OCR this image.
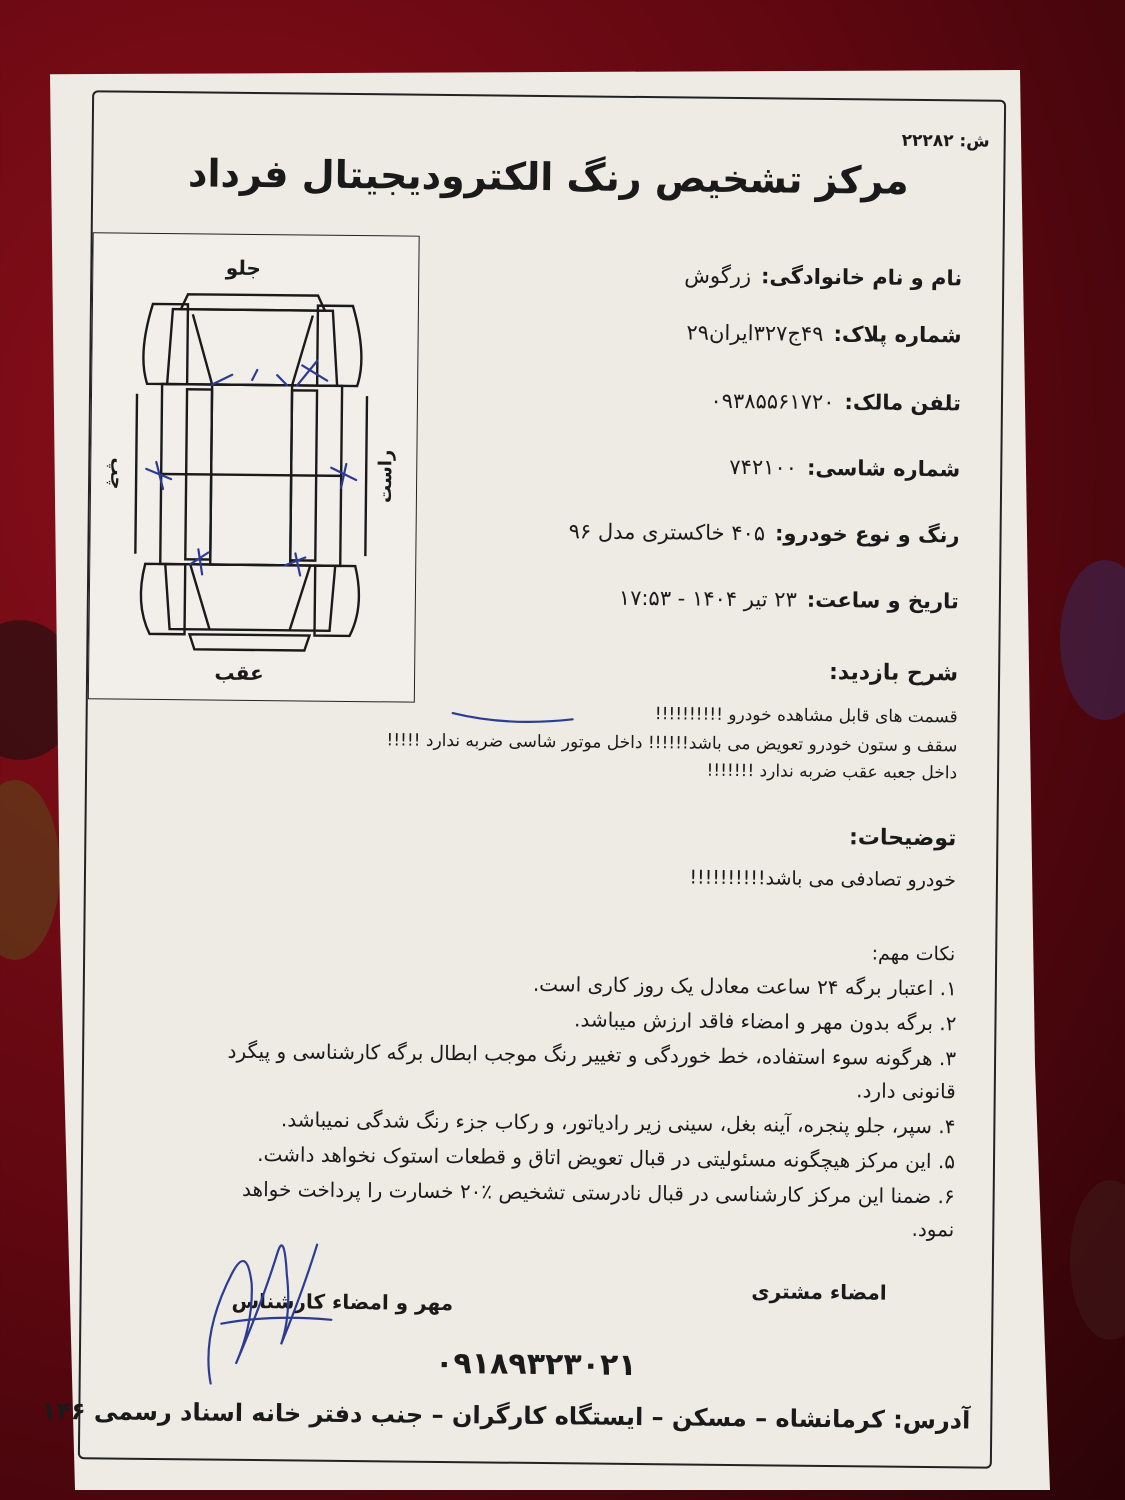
ش: ۲۲۲۸۲
مرکز تشخیص رنگ الکترودیجیتال فرداد
نام و نام خانوادگی:زرگوش
شماره پلاک:۴۹ج۳۲۷ایران۲۹
تلفن مالک:۰۹۳۸۵۵۶۱۷۲۰
شماره شاسی:۷۴۲۱۰۰
رنگ و نوع خودرو:۴۰۵ خاکستری مدل ۹۶
تاریخ و ساعت:۲۳ تیر ۱۴۰۴ - ۱۷:۵۳
جلو
عقب
چپ	راست
شرح بازدید:
قسمت های قابل مشاهده خودرو !!!!!!!!!!
سقف و ستون خودرو تعویض می باشد!!!!!! داخل موتور شاسی ضربه ندارد !!!!!
داخل جعبه عقب ضربه ندارد !!!!!!!
توضیحات:
خودرو تصادفی می باشد!!!!!!!!!!
نکات مهم:
۱. اعتبار برگه ۲۴ ساعت معادل یک روز کاری است.
۲. برگه بدون مهر و امضاء فاقد ارزش میباشد.
۳. هرگونه سوء استفاده، خط خوردگی و تغییر رنگ موجب ابطال برگه کارشناسی و پیگرد
قانونی دارد.
۴. سپر، جلو پنجره، آینه بغل، سینی زیر رادیاتور، و رکاب جزء رنگ شدگی نمیباشد.
۵. این مرکز هیچگونه مسئولیتی در قبال تعویض اتاق و قطعات استوک نخواهد داشت.
۶. ضمنا این مرکز کارشناسی در قبال نادرستی تشخیص ٪۲۰ خسارت را پرداخت خواهد
نمود.
امضاء مشتری
مهر و امضاء کارشناس
۰۹۱۸۹۳۲۳۰۲۱
آدرس: کرمانشاه – مسکن – ایستگاه کارگران – جنب دفتر خانه اسناد رسمی ۱۴۶
